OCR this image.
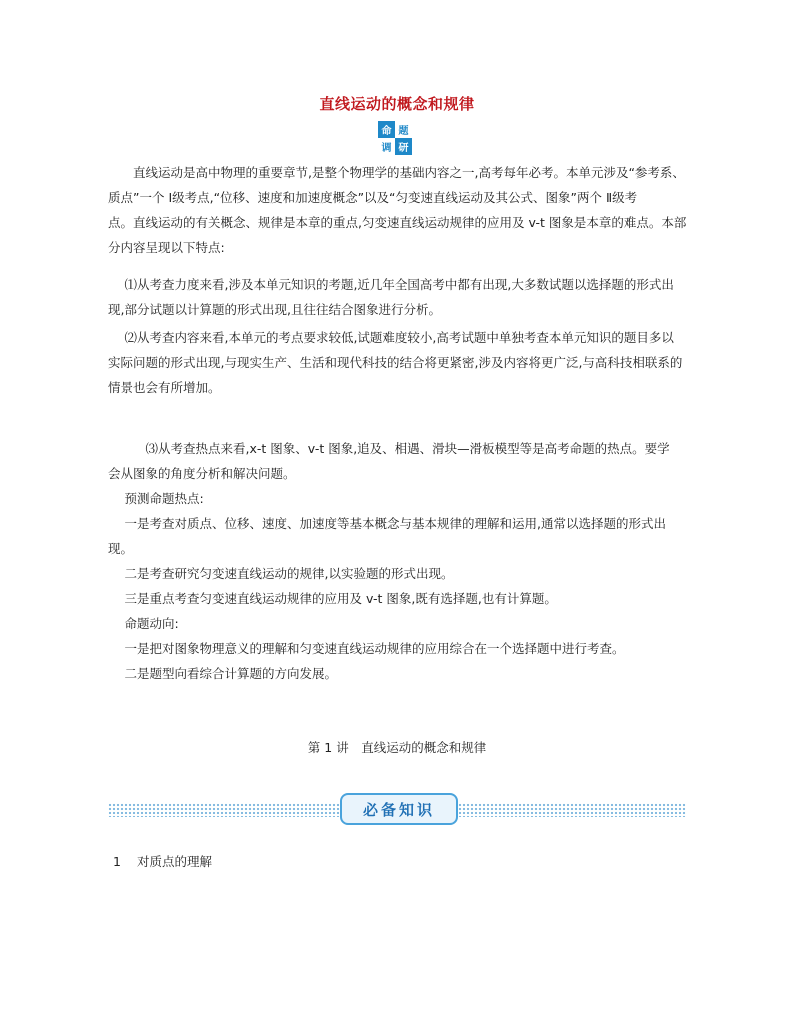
直线运动的概念和规律
命 题
调 研

　　直线运动是高中物理的重要章节,是整个物理学的基础内容之一,高考每年必考。本单元涉及“参考系、
质点”一个 Ⅰ级考点,“位移、速度和加速度概念”以及“匀变速直线运动及其公式、图象”两个 Ⅱ级考
点。直线运动的有关概念、规律是本章的重点,匀变速直线运动规律的应用及 v-t 图象是本章的难点。本部
分内容呈现以下特点:

　 ⑴从考查力度来看,涉及本单元知识的考题,近几年全国高考中都有出现,大多数试题以选择题的形式出
现,部分试题以计算题的形式出现,且往往结合图象进行分析。

　 ⑵从考查内容来看,本单元的考点要求较低,试题难度较小,高考试题中单独考查本单元知识的题目多以
实际问题的形式出现,与现实生产、生活和现代科技的结合将更紧密,涉及内容将更广泛,与高科技相联系的
情景也会有所增加。

　　　⑶从考查热点来看,x-t 图象、v-t 图象,追及、相遇、滑块—滑板模型等是高考命题的热点。要学
会从图象的角度分析和解决问题。
　 预测命题热点:
　 一是考查对质点、位移、速度、加速度等基本概念与基本规律的理解和运用,通常以选择题的形式出
现。
　 二是考查研究匀变速直线运动的规律,以实验题的形式出现。
　 三是重点考查匀变速直线运动规律的应用及 v-t 图象,既有选择题,也有计算题。
　 命题动向:
　 一是把对图象物理意义的理解和匀变速直线运动规律的应用综合在一个选择题中进行考查。
　 二是题型向看综合计算题的方向发展。

第 1 讲　直线运动的概念和规律
必备知识
1 对质点的理解
